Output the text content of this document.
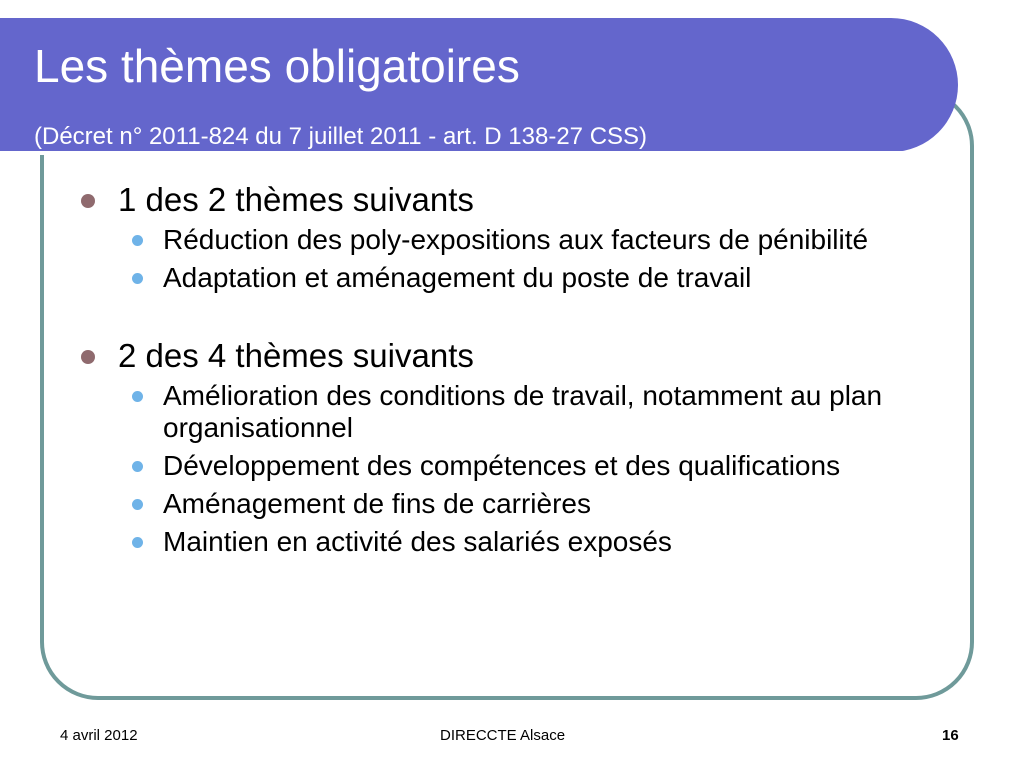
Les thèmes obligatoires

(Décret n° 2011-824 du 7 juillet 2011 - art. D 138-27 CSS)

1 des 2 thèmes suivants

Réduction des poly-expositions aux facteurs de pénibilité
Adaptation et aménagement du poste de travail

2 des 4 thèmes suivants

Amélioration des conditions de travail, notamment au plan organisationnel
Développement des compétences et des qualifications
Aménagement de fins de carrières
Maintien en activité des salariés exposés
4 avril 2012	DIRECCTE Alsace	16
